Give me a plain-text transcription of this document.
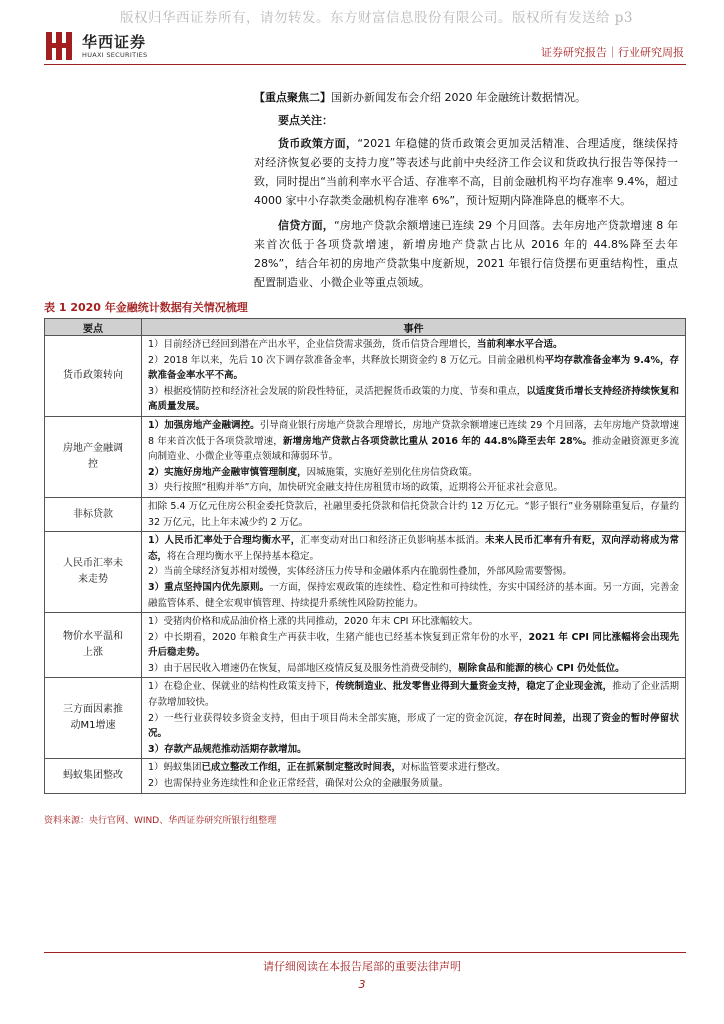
版权归华西证券所有，请勿转发。东方财富信息股份有限公司。版权所有发送给 p3
华西证券
HUAXI SECURITIES	证券研究报告｜行业研究周报

【重点聚焦二】国新办新闻发布会介绍 2020 年金融统计数据情况。

要点关注：

货币政策方面，“2021 年稳健的货币政策会更加灵活精准、合理适度，继续保持对经济恢复必要的支持力度”等表述与此前中央经济工作会议和货政执行报告等保持一致，同时提出“当前利率水平合适、存准率不高，目前金融机构平均存准率 9.4%，超过 4000 家中小存款类金融机构存准率 6%”，预计短期内降准降息的概率不大。

信贷方面，“房地产贷款余额增速已连续 29 个月回落。去年房地产贷款增速 8 年来首次低于各项贷款增速，新增房地产贷款占比从 2016 年的 44.8%降至去年 28%”，结合年初的房地产贷款集中度新规，2021 年银行信贷摆布更重结构性，重点配置制造业、小微企业等重点领域。

表 1 2020 年金融统计数据有关情况梳理
要点	事件
货币政策转向	1）目前经济已经回到潜在产出水平，企业信贷需求强劲，货币信贷合理增长，当前利率水平合适。

2）2018 年以来，先后 10 次下调存款准备金率，共释放长期资金约 8 万亿元。目前金融机构平均存款准备金率为 9.4%，存款准备金率水平不高。

3）根据疫情防控和经济社会发展的阶段性特征，灵活把握货币政策的力度、节奏和重点，以适度货币增长支持经济持续恢复和高质量发展。

房地产金融调控	1）加强房地产金融调控。引导商业银行房地产贷款合理增长，房地产贷款余额增速已连续 29 个月回落，去年房地产贷款增速 8 年来首次低于各项贷款增速，新增房地产贷款占各项贷款比重从 2016 年的 44.8%降至去年 28%。推动金融资源更多流向制造业、小微企业等重点领域和薄弱环节。

2）实施好房地产金融审慎管理制度，因城施策，实施好差别化住房信贷政策。

3）央行按照“租购并举”方向，加快研究金融支持住房租赁市场的政策，近期将公开征求社会意见。

非标贷款	扣除 5.4 万亿元住房公积金委托贷款后，社融里委托贷款和信托贷款合计约 12 万亿元。“影子银行”业务剔除重复后，存量约 32 万亿元，比上年末减少约 2 万亿。

人民币汇率未来走势	1）人民币汇率处于合理均衡水平，汇率变动对出口和经济正负影响基本抵消。未来人民币汇率有升有贬，双向浮动将成为常态，将在合理均衡水平上保持基本稳定。

2）当前全球经济复苏相对缓慢，实体经济压力传导和金融体系内在脆弱性叠加，外部风险需要警惕。

3）重点坚持国内优先原则。一方面，保持宏观政策的连续性、稳定性和可持续性，夯实中国经济的基本面。另一方面，完善金融监管体系、健全宏观审慎管理、持续提升系统性风险防控能力。

物价水平温和上涨	1）受猪肉价格和成品油价格上涨的共同推动，2020 年末 CPI 环比涨幅较大。

2）中长期看，2020 年粮食生产再获丰收，生猪产能也已经基本恢复到正常年份的水平，2021 年 CPI 同比涨幅将会出现先升后稳走势。

3）由于居民收入增速仍在恢复，局部地区疫情反复及服务性消费受制约，剔除食品和能源的核心 CPI 仍处低位。

三方面因素推动M1增速	1）在稳企业、保就业的结构性政策支持下，传统制造业、批发零售业得到大量资金支持，稳定了企业现金流，推动了企业活期存款增加较快。

2）一些行业获得较多资金支持，但由于项目尚未全部实施，形成了一定的资金沉淀，存在时间差，出现了资金的暂时停留状况。

3）存款产品规范推动活期存款增加。

蚂蚁集团整改	1）蚂蚁集团已成立整改工作组，正在抓紧制定整改时间表，对标监管要求进行整改。

2）也需保持业务连续性和企业正常经营，确保对公众的金融服务质量。

资料来源：央行官网、WIND、华西证券研究所银行组整理
请仔细阅读在本报告尾部的重要法律声明
3
